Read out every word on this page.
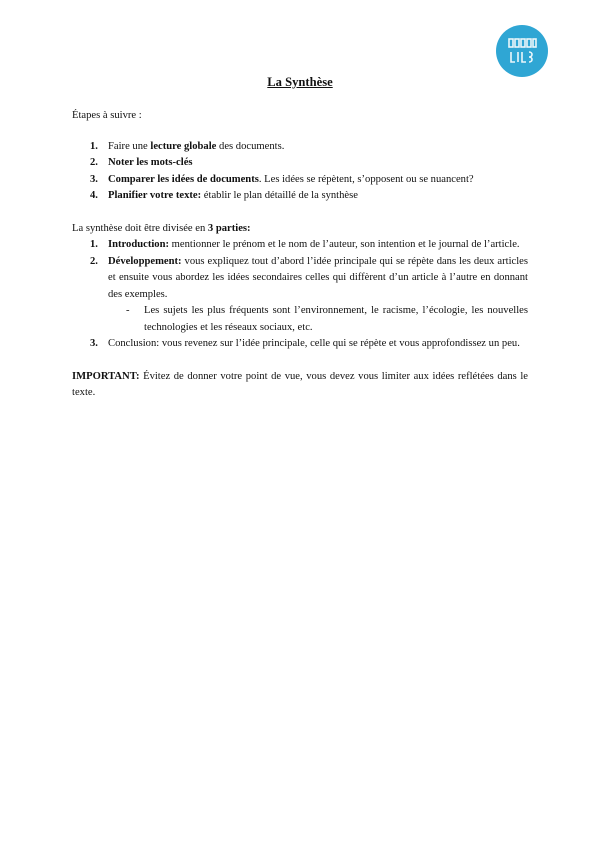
La Synthèse

Étapes à suivre :

1. Faire une lecture globale des documents.
2. Noter les mots-clés
3. Comparer les idées de documents. Les idées se répètent, s’opposent ou se nuancent?
4. Planifier votre texte: établir le plan détaillé de la synthèse

La synthèse doit être divisée en 3 parties:

1. Introduction: mentionner le prénom et le nom de l’auteur, son intention et le journal de l’article.
2. Développement: vous expliquez tout d’abord l’idée principale qui se répète dans les deux articles et ensuite vous abordez les idées secondaires celles qui diffèrent d’un article à l’autre en donnant des exemples.
- Les sujets les plus fréquents sont l’environnement, le racisme, l’écologie, les nouvelles technologies et les réseaux sociaux, etc.
3. Conclusion: vous revenez sur l’idée principale, celle qui se répète et vous approfondissez un peu.

IMPORTANT: Évitez de donner votre point de vue, vous devez vous limiter aux idées reflétées dans le texte.
